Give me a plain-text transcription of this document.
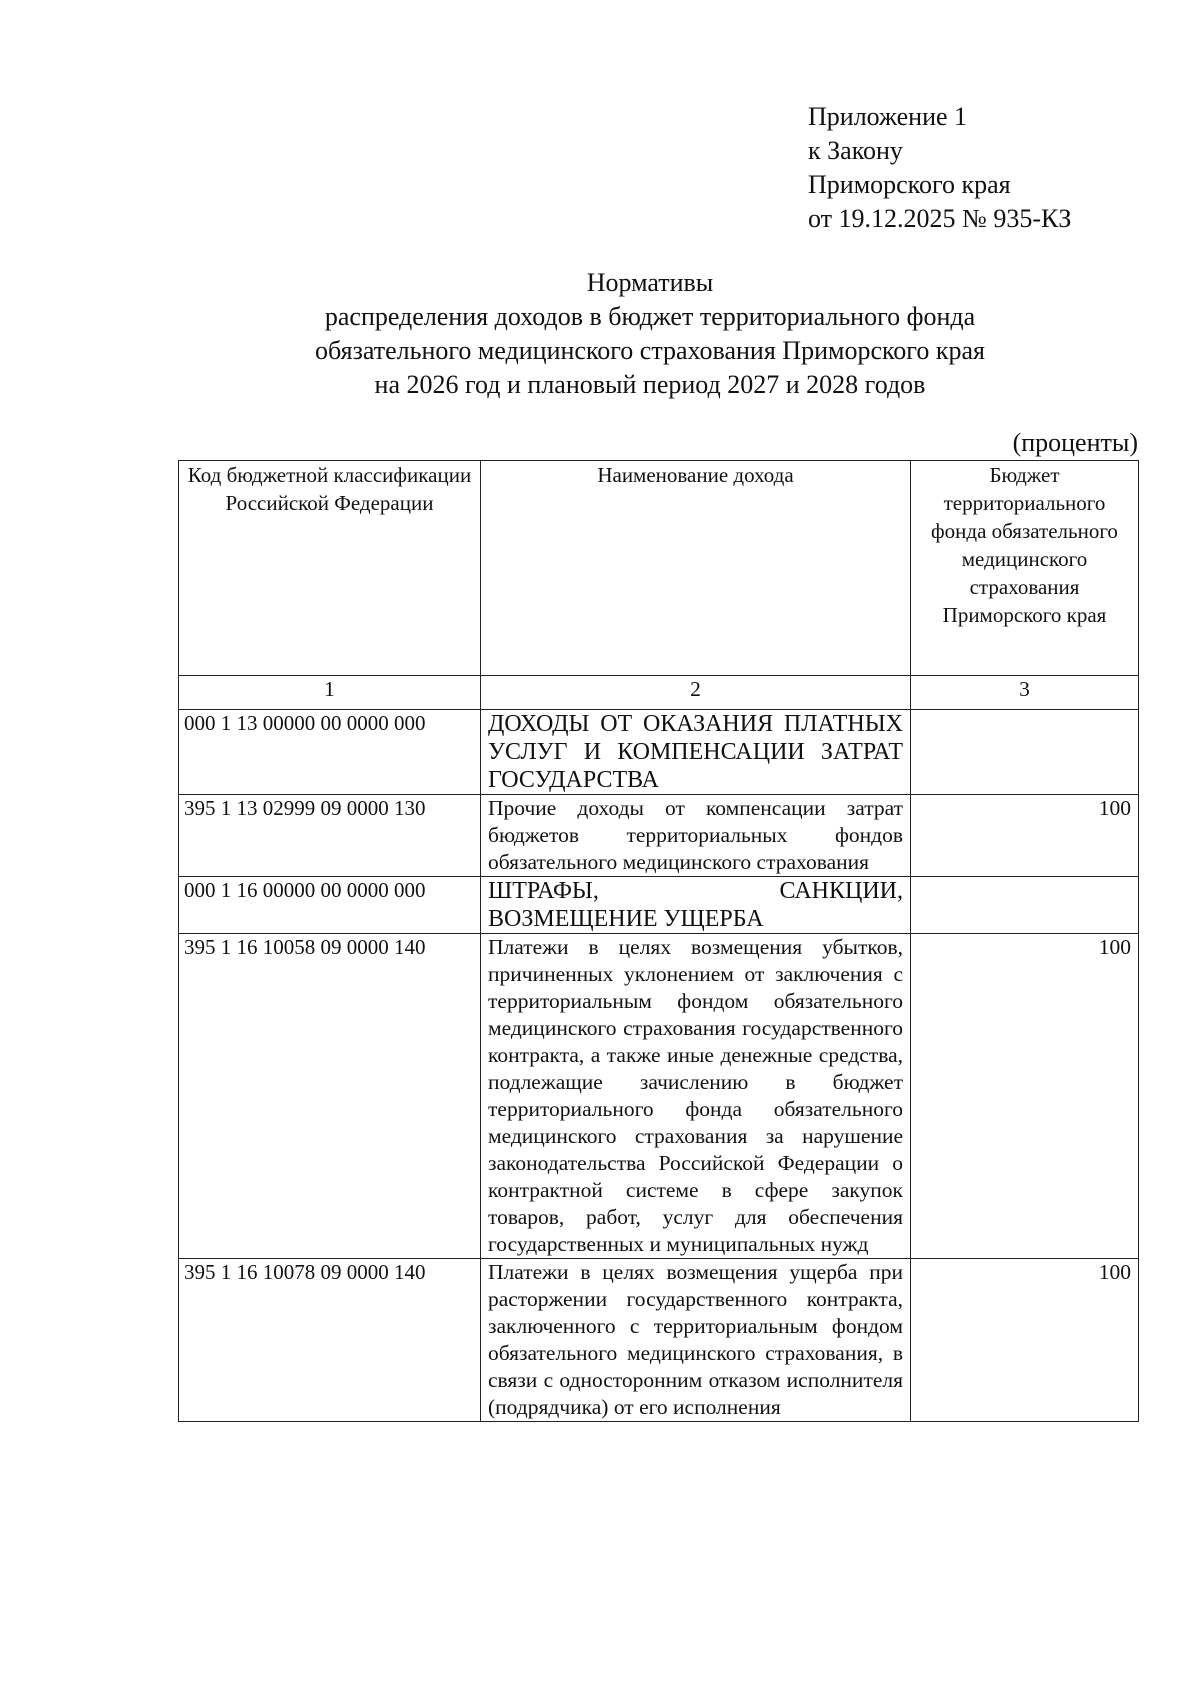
Приложение 1
к Закону
Приморского края
от 19.12.2025 № 935-КЗ
Нормативы
распределения доходов в бюджет территориального фонда
обязательного медицинского страхования Приморского края
на 2026 год и плановый период 2027 и 2028 годов
(проценты)
Код бюджетной классификации Российской Федерации	Наименование дохода	Бюджет территориального фонда обязательного медицинского страхования Приморского края
1	2	3
000 1 13 00000 00 0000 000	ДОХОДЫ ОТ ОКАЗАНИЯ ПЛАТНЫХ УСЛУГ И КОМПЕНСАЦИИ ЗАТРАТ ГОСУДАРСТВА	
395 1 13 02999 09 0000 130	Прочие доходы от компенсации затрат бюджетов территориальных фондов обязательного медицинского страхования	100
000 1 16 00000 00 0000 000	ШТРАФЫ, САНКЦИИ, ВОЗМЕЩЕНИЕ УЩЕРБА	
395 1 16 10058 09 0000 140	Платежи в целях возмещения убытков, причиненных уклонением от заключения с территориальным фондом обязательного медицинского страхования государственного контракта, а также иные денежные средства, подлежащие зачислению в бюджет территориального фонда обязательного медицинского страхования за нарушение законодательства Российской Федерации о контрактной системе в сфере закупок товаров, работ, услуг для обеспечения государственных и муниципальных нужд	100
395 1 16 10078 09 0000 140	Платежи в целях возмещения ущерба при расторжении государственного контракта, заключенного с территориальным фондом обязательного медицинского страхования, в связи с односторонним отказом исполнителя (подрядчика) от его исполнения	100
